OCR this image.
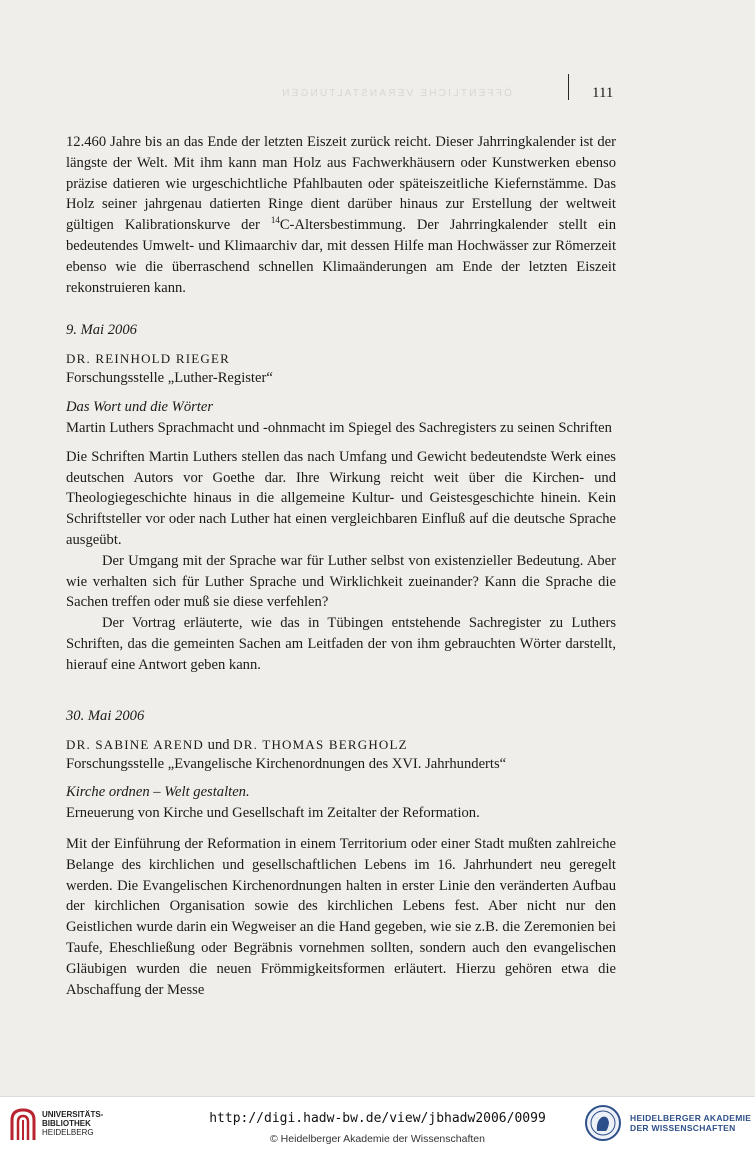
ÖFFENTLICHE VERANSTALTUNGEN	111

12.460 Jahre bis an das Ende der letzten Eiszeit zurück reicht. Dieser Jahrringkalender ist der längste der Welt. Mit ihm kann man Holz aus Fachwerkhäusern oder Kunstwerken ebenso präzise datieren wie urgeschichtliche Pfahlbauten oder späteiszeitliche Kiefernstämme. Das Holz seiner jahrgenau datierten Ringe dient darüber hinaus zur Erstellung der weltweit gültigen Kalibrationskurve der $^{14}$C-Altersbestimmung. Der Jahrringkalender stellt ein bedeutendes Umwelt- und Klimaarchiv dar, mit dessen Hilfe man Hochwässer zur Römerzeit ebenso wie die überraschend schnellen Klimaänderungen am Ende der letzten Eiszeit rekonstruieren kann.

9. Mai 2006

DR. REINHOLD RIEGER

Forschungsstelle „Luther-Register“

Das Wort und die Wörter

Martin Luthers Sprachmacht und -ohnmacht im Spiegel des Sachregisters zu seinen Schriften

Die Schriften Martin Luthers stellen das nach Umfang und Gewicht bedeutendste Werk eines deutschen Autors vor Goethe dar. Ihre Wirkung reicht weit über die Kirchen- und Theologiegeschichte hinaus in die allgemeine Kultur- und Geistesgeschichte hinein. Kein Schriftsteller vor oder nach Luther hat einen vergleichbaren Einfluß auf die deutsche Sprache ausgeübt.

Der Umgang mit der Sprache war für Luther selbst von existenzieller Bedeutung. Aber wie verhalten sich für Luther Sprache und Wirklichkeit zueinander? Kann die Sprache die Sachen treffen oder muß sie diese verfehlen?

Der Vortrag erläuterte, wie das in Tübingen entstehende Sachregister zu Luthers Schriften, das die gemeinten Sachen am Leitfaden der von ihm gebrauchten Wörter darstellt, hierauf eine Antwort geben kann.

30. Mai 2006

DR. SABINE AREND und DR. THOMAS BERGHOLZ

Forschungsstelle „Evangelische Kirchenordnungen des XVI. Jahrhunderts“

Kirche ordnen – Welt gestalten.

Erneuerung von Kirche und Gesellschaft im Zeitalter der Reformation.

Mit der Einführung der Reformation in einem Territorium oder einer Stadt mußten zahlreiche Belange des kirchlichen und gesellschaftlichen Lebens im 16. Jahrhundert neu geregelt werden. Die Evangelischen Kirchenordnungen halten in erster Linie den veränderten Aufbau der kirchlichen Organisation sowie des kirchlichen Lebens fest. Aber nicht nur den Geistlichen wurde darin ein Wegweiser an die Hand gegeben, wie sie z.B. die Zeremonien bei Taufe, Eheschließung oder Begräbnis vornehmen sollten, sondern auch den evangelischen Gläubigen wurden die neuen Frömmigkeitsformen erläutert. Hierzu gehören etwa die Abschaffung der Messe

UNIVERSITÄTS-
BIBLIOTHEK
HEIDELBERG
http://digi.hadw-bw.de/view/jbhadw2006/0099
© Heidelberger Akademie der Wissenschaften
HEIDELBERGER AKADEMIE
DER WISSENSCHAFTEN
